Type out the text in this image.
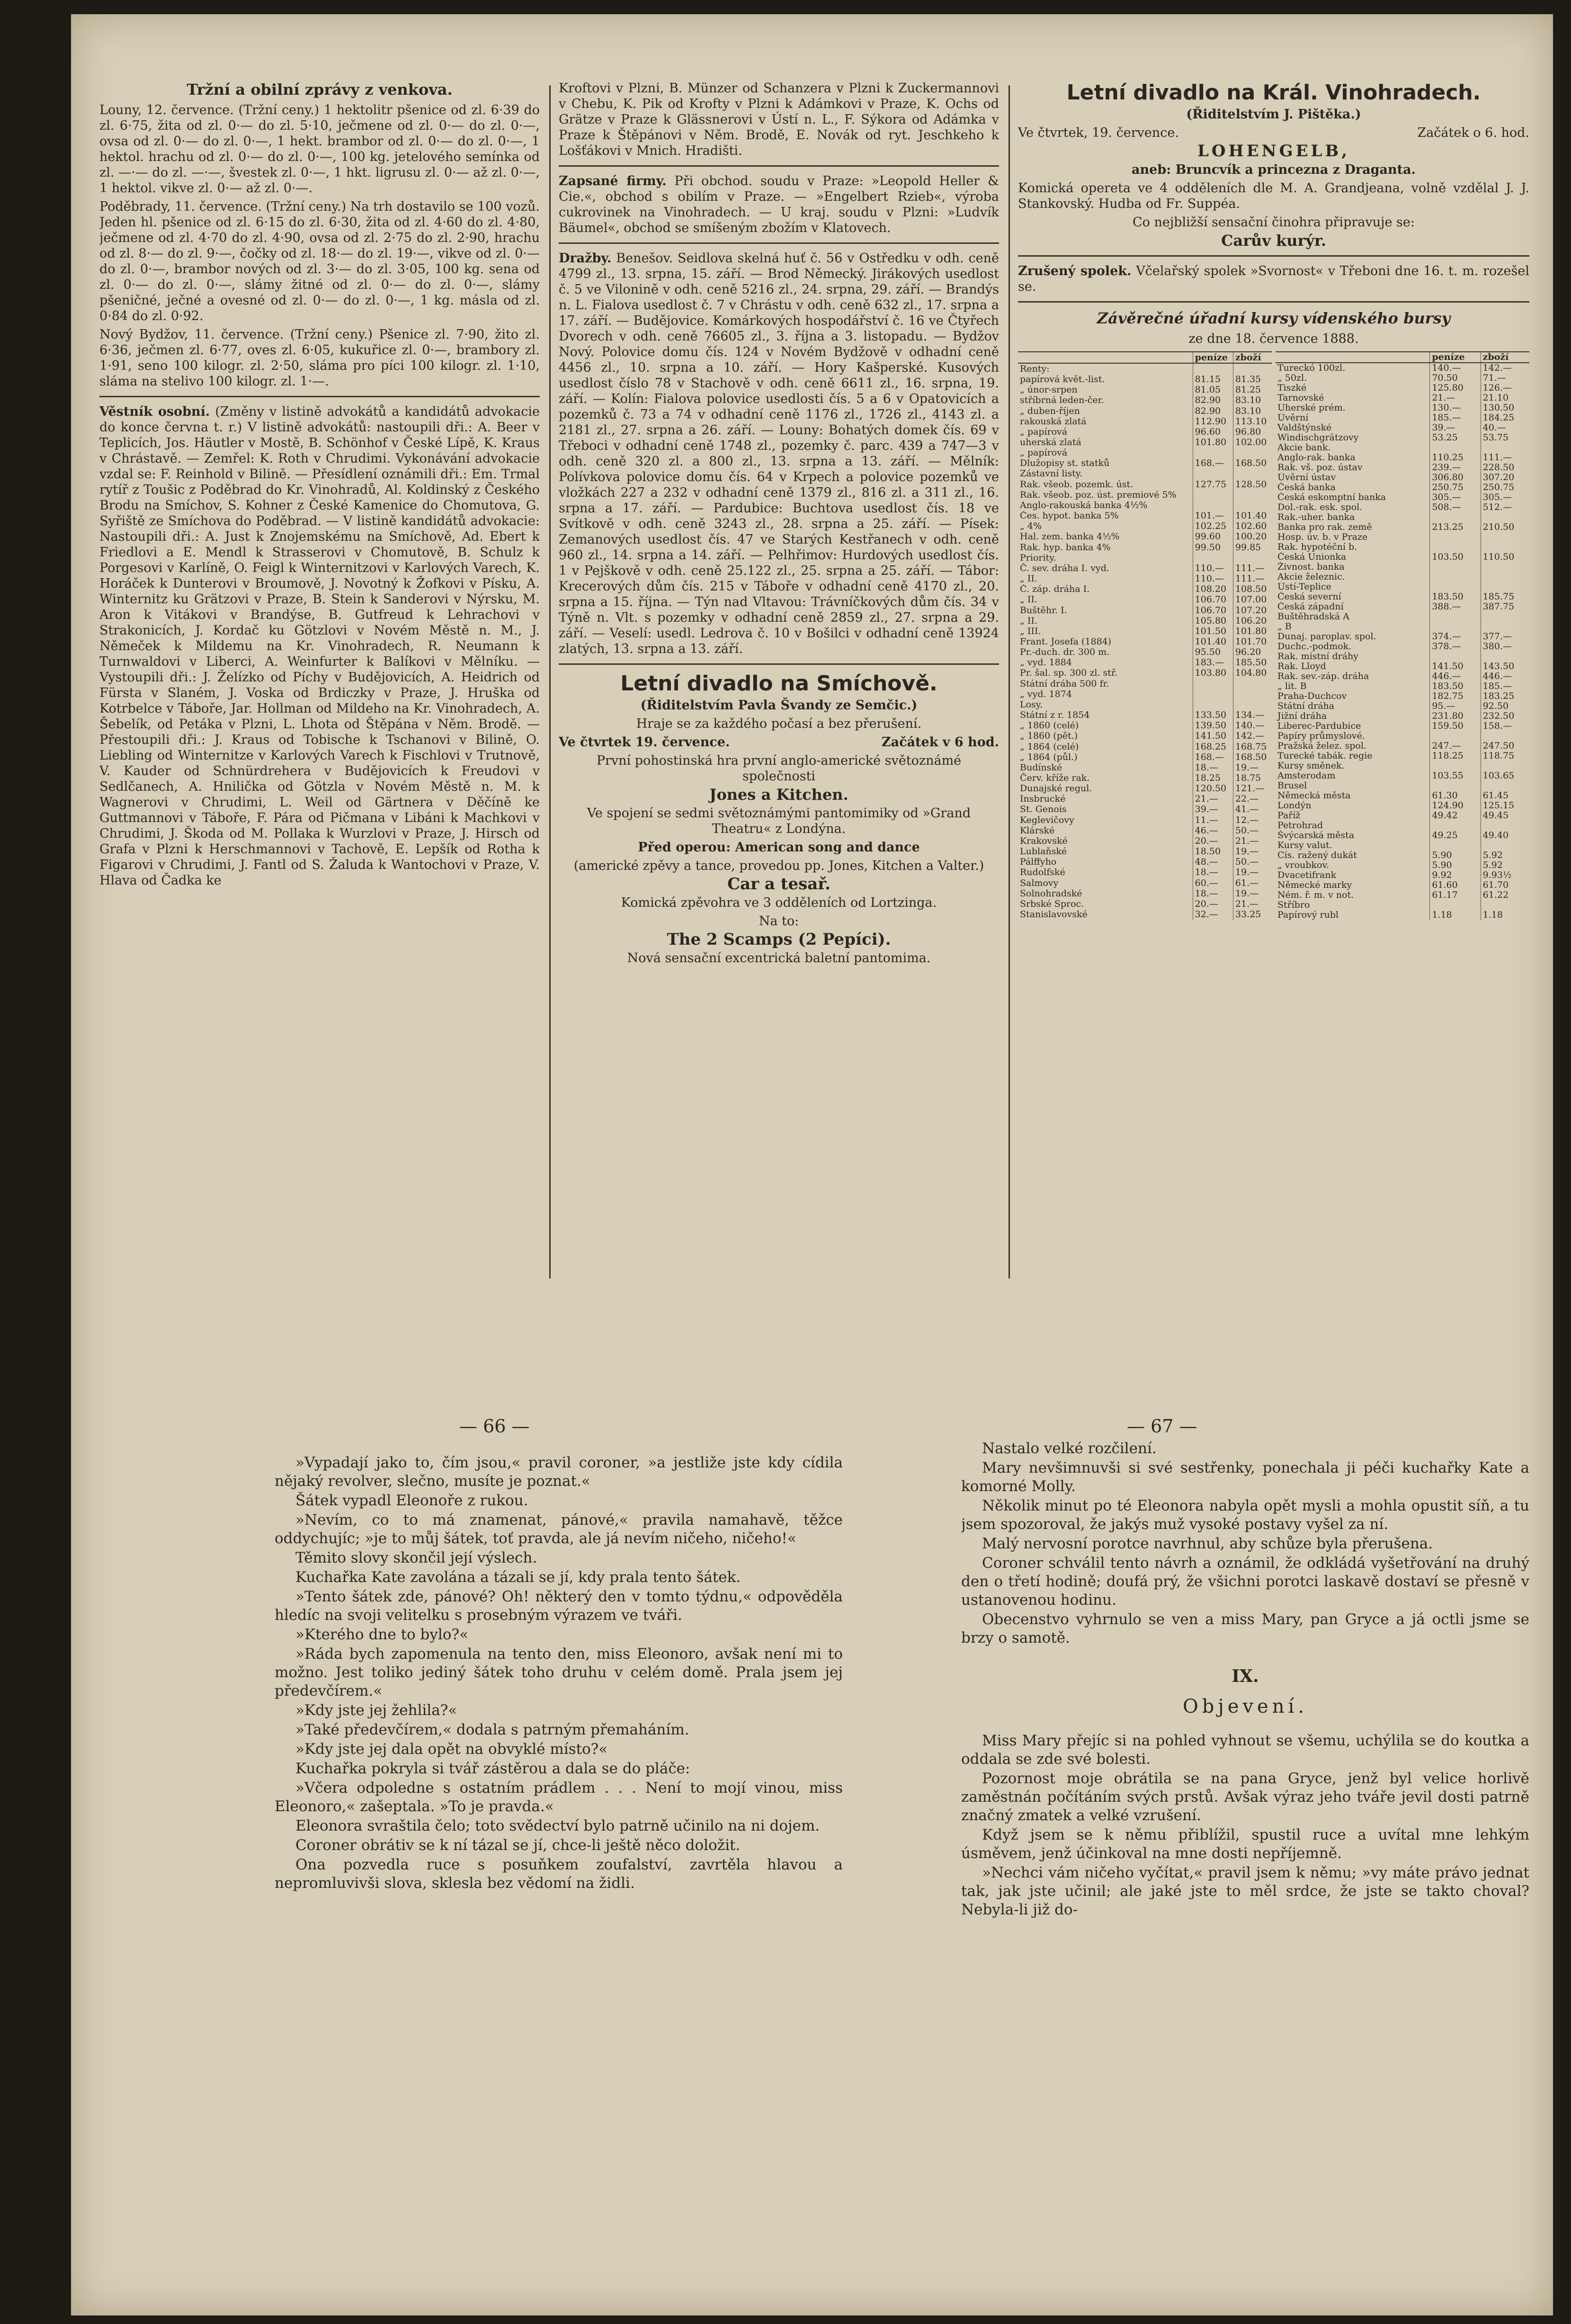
Tržní a obilní zprávy z venkova.

Louny, 12. července. (Tržní ceny.) 1 hektolitr pšenice od zl. 6·39 do zl. 6·75, žita od zl. 0·— do zl. 5·10, ječmene od zl. 0·— do zl. 0·—, ovsa od zl. 0·— do zl. 0·—, 1 hekt. brambor od zl. 0·— do zl. 0·—, 1 hektol. hrachu od zl. 0·— do zl. 0·—, 100 kg. jetelového semínka od zl. —·— do zl. —·—, švestek zl. 0·—, 1 hkt. ligrusu zl. 0·— až zl. 0·—, 1 hektol. vikve zl. 0·— až zl. 0·—.

Poděbrady, 11. července. (Tržní ceny.) Na trh dostavilo se 100 vozů. Jeden hl. pšenice od zl. 6·15 do zl. 6·30, žita od zl. 4·60 do zl. 4·80, ječmene od zl. 4·70 do zl. 4·90, ovsa od zl. 2·75 do zl. 2·90, hrachu od zl. 8·— do zl. 9·—, čočky od zl. 18·— do zl. 19·—, vikve od zl. 0·— do zl. 0·—, brambor nových od zl. 3·— do zl. 3·05, 100 kg. sena od zl. 0·— do zl. 0·—, slámy žitné od zl. 0·— do zl. 0·—, slámy pšeničné, ječné a ovesné od zl. 0·— do zl. 0·—, 1 kg. másla od zl. 0·84 do zl. 0·92.

Nový Bydžov, 11. července. (Tržní ceny.) Pšenice zl. 7·90, žito zl. 6·36, ječmen zl. 6·77, oves zl. 6·05, kukuřice zl. 0·—, brambory zl. 1·91, seno 100 kilogr. zl. 2·50, sláma pro píci 100 kilogr. zl. 1·10, sláma na stelivo 100 kilogr. zl. 1·—.

Věstník osobní. (Změny v listině advokátů a kandidátů advokacie do konce června t. r.) V listině advokátů: nastoupili dři.: A. Beer v Teplicích, Jos. Häutler v Mostě, B. Schönhof v České Lípě, K. Kraus v Chrástavě. — Zemřel: K. Roth v Chrudimi. Vykonávání advokacie vzdal se: F. Reinhold v Bilině. — Přesídlení oznámili dři.: Em. Trmal rytíř z Toušic z Poděbrad do Kr. Vinohradů, Al. Koldinský z Českého Brodu na Smíchov, S. Kohner z České Kamenice do Chomutova, G. Syřiště ze Smíchova do Poděbrad. — V listině kandidátů advokacie: Nastoupili dři.: A. Just k Znojemskému na Smíchově, Ad. Ebert k Friedlovi a E. Mendl k Strasserovi v Chomutově, B. Schulz k Porgesovi v Karlíně, O. Feigl k Winternitzovi v Karlových Varech, K. Horáček k Dunterovi v Broumově, J. Novotný k Žofkovi v Písku, A. Winternitz ku Grätzovi v Praze, B. Stein k Sanderovi v Nýrsku, M. Aron k Vitákovi v Brandýse, B. Gutfreud k Lehrachovi v Strakonicích, J. Kordač ku Götzlovi v Novém Městě n. M., J. Němeček k Mildemu na Kr. Vinohradech, R. Neumann k Turnwaldovi v Liberci, A. Weinfurter k Balíkovi v Mělníku. — Vystoupili dři.: J. Želízko od Píchy v Budějovicích, A. Heidrich od Fürsta v Slaném, J. Voska od Brdiczky v Praze, J. Hruška od Kotrbelce v Táboře, Jar. Hollman od Mildeho na Kr. Vinohradech, A. Šebelík, od Petáka v Plzni, L. Lhota od Štěpána v Něm. Brodě. — Přestoupili dři.: J. Kraus od Tobische k Tschanovi v Bilině, O. Liebling od Winternitze v Karlových Varech k Fischlovi v Trutnově, V. Kauder od Schnürdrehera v Budějovicích k Freudovi v Sedlčanech, A. Hnilička od Götzla v Novém Městě n. M. k Wagnerovi v Chrudimi, L. Weil od Gärtnera v Děčíně ke Guttmannovi v Táboře, F. Pára od Pičmana v Libáni k Machkovi v Chrudimi, J. Škoda od M. Pollaka k Wurzlovi v Praze, J. Hirsch od Grafa v Plzni k Herschmannovi v Tachově, E. Lepšík od Rotha k Figarovi v Chrudimi, J. Fantl od S. Žaluda k Wantochovi v Praze, V. Hlava od Čadka ke

Kroftovi v Plzni, B. Münzer od Schanzera v Plzni k Zuckermannovi v Chebu, K. Pik od Krofty v Plzni k Adámkovi v Praze, K. Ochs od Grätze v Praze k Glässnerovi v Ústí n. L., F. Sýkora od Adámka v Praze k Štěpánovi v Něm. Brodě, E. Novák od ryt. Jeschkeho k Lošťákovi v Mnich. Hradišti.

Zapsané firmy. Při obchod. soudu v Praze: »Leopold Heller & Cie.«, obchod s obilím v Praze. — »Engelbert Rzieb«, výroba cukrovinek na Vinohradech. — U kraj. soudu v Plzni: »Ludvík Bäumel«, obchod se smíšeným zbožím v Klatovech.

Dražby. Benešov. Seidlova skelná huť č. 56 v Ostředku v odh. ceně 4799 zl., 13. srpna, 15. září. — Brod Německý. Jirákových usedlost č. 5 ve Vilonině v odh. ceně 5216 zl., 24. srpna, 29. září. — Brandýs n. L. Fialova usedlost č. 7 v Chrástu v odh. ceně 632 zl., 17. srpna a 17. září. — Budějovice. Komárkových hospodářství č. 16 ve Čtyřech Dvorech v odh. ceně 76605 zl., 3. října a 3. listopadu. — Bydžov Nový. Polovice domu čís. 124 v Novém Bydžově v odhadní ceně 4456 zl., 10. srpna a 10. září. — Hory Kašperské. Kusových usedlost číslo 78 v Stachově v odh. ceně 6611 zl., 16. srpna, 19. září. — Kolín: Fialova polovice usedlosti čís. 5 a 6 v Opatovicích a pozemků č. 73 a 74 v odhadní ceně 1176 zl., 1726 zl., 4143 zl. a 2181 zl., 27. srpna a 26. září. — Louny: Bohatých domek čís. 69 v Třeboci v odhadní ceně 1748 zl., pozemky č. parc. 439 a 747—3 v odh. ceně 320 zl. a 800 zl., 13. srpna a 13. září. — Mělník: Polívkova polovice domu čís. 64 v Krpech a polovice pozemků ve vložkách 227 a 232 v odhadní ceně 1379 zl., 816 zl. a 311 zl., 16. srpna a 17. září. — Pardubice: Buchtova usedlost čís. 18 ve Svítkově v odh. ceně 3243 zl., 28. srpna a 25. září. — Písek: Zemanových usedlost čís. 47 ve Starých Kestřanech v odh. ceně 960 zl., 14. srpna a 14. září. — Pelhřimov: Hurdových usedlost čís. 1 v Pejškově v odh. ceně 25.122 zl., 25. srpna a 25. září. — Tábor: Krecerových dům čís. 215 v Táboře v odhadní ceně 4170 zl., 20. srpna a 15. října. — Týn nad Vltavou: Trávníčkových dům čís. 34 v Týně n. Vlt. s pozemky v odhadní ceně 2859 zl., 27. srpna a 29. září. — Veselí: usedl. Ledrova č. 10 v Bošilci v odhadní ceně 13924 zlatých, 13. srpna a 13. září.

Letní divadlo na Smíchově.

(Řiditelstvím Pavla Švandy ze Semčic.)

Hraje se za každého počasí a bez přerušení.

Ve čtvrtek 19. července.	Začátek v 6 hod.

První pohostinská hra první anglo-americké světoznámé společnosti

Jones a Kitchen.

Ve spojení se sedmi světoznámými pantomimiky od »Grand Theatru« z Londýna.

Před operou: American song and dance

(americké zpěvy a tance, provedou pp. Jones, Kitchen a Valter.)

Car a tesař.

Komická zpěvohra ve 3 odděleních od Lortzinga.

Na to:

The 2 Scamps (2 Pepíci).

Nová sensační excentrická baletní pantomima.

Letní divadlo na Král. Vinohradech.

(Řiditelstvím J. Pištěka.)

Ve čtvrtek, 19. července.	Začátek o 6. hod.

LOHENGELB,

aneb: Bruncvík a princezna z Draganta.

Komická opereta ve 4 odděleních dle M. A. Grandjeana, volně vzdělal J. J. Stankovský. Hudba od Fr. Suppéa.

Co nejbližší sensační činohra připravuje se:

Carův kurýr.

Zrušený spolek. Včelařský spolek »Svornost« v Třeboni dne 16. t. m. rozešel se.

Závěrečné úřadní kursy vídenského bursy

ze dne 18. července 1888.

	peníze	zboží
Renty:		
papírová květ.-list.	81.15	81.35
„ únor-srpen	81.05	81.25
stříbrná leden-čer.	82.90	83.10
„ duben-říjen	82.90	83.10
rakouská zlatá	112.90	113.10
„ papírová	96.60	96.80
uherská zlatá	101.80	102.00
„ papírová		
Dlužopisy st. statků	168.—	168.50
Zástavní listy.		
Rak. všeob. pozemk. úst.	127.75	128.50
Rak. všeob. poz. úst. premiové 5%		
Anglo-rakouská banka 4½%		
Čes. hypot. banka 5%	101.—	101.40
„ 4%	102.25	102.60
Hal. zem. banka 4½%	99.60	100.20
Rak. hyp. banka 4%	99.50	99.85
Priority.		
Č. sev. dráha I. vyd.	110.—	111.—
„ II.	110.—	111.—
Č. záp. dráha I.	108.20	108.50
„ II.	106.70	107.00
Buštěhr. I.	106.70	107.20
„ II.	105.80	106.20
„ III.	101.50	101.80
Frant. Josefa (1884)	101.40	101.70
Pr.-duch. dr. 300 m.	95.50	96.20
„ vyd. 1884	183.—	185.50
Pr. šal. sp. 300 zl. stř.	103.80	104.80
Státní dráha 500 fr.		
„ vyd. 1874		
Losy.		
Státní z r. 1854	133.50	134.—
„ 1860 (celé)	139.50	140.—
„ 1860 (pět.)	141.50	142.—
„ 1864 (celé)	168.25	168.75
„ 1864 (půl.)	168.—	168.50
Budínské	18.—	19.—
Červ. kříže rak.	18.25	18.75
Dunajské regul.	120.50	121.—
Insbrucké	21.—	22.—
St. Genois	39.—	41.—
Keglevičovy	11.—	12.—
Klárské	46.—	50.—
Krakovské	20.—	21.—
Lublaňské	18.50	19.—
Pálffyho	48.—	50.—
Rudolfské	18.—	19.—
Salmovy	60.—	61.—
Solnohradské	18.—	19.—
Srbské Sproc.	20.—	21.—
Stanislavovské	32.—	33.25
	peníze	zboží
Tureckó 100zl.	140.—	142.—
„ 50zl.	70.50	71.—
Tiszké	125.80	126.—
Tarnovské	21.—	21.10
Uherské prém.	130.—	130.50
Úvěrní	185.—	184.25
Valdštýnské	39.—	40.—
Windischgrätzovy	53.25	53.75
Akcie bank.		
Anglo-rak. banka	110.25	111.—
Rak. vš. poz. ústav	239.—	228.50
Úvěrní ústav	306.80	307.20
Česká banka	250.75	250.75
Česká eskomptní banka	305.—	305.—
Dol.-rak. esk. spol.	508.—	512.—
Rak.-uher. banka		
Banka pro rak. země	213.25	210.50
Hosp. úv. b. v Praze		
Rak. hypotéční b.		
Česká Unionka	103.50	110.50
Živnost. banka		
Akcie železnic.		
Ústí-Teplice		
Česká severní	183.50	185.75
Česká západní	388.—	387.75
Buštěhradská A		
„ B		
Dunaj. paroplav. spol.	374.—	377.—
Duchc.-podmok.	378.—	380.—
Rak. místní dráhy		
Rak. Lloyd	141.50	143.50
Rak. sev.-záp. dráha	446.—	446.—
„ lit. B	183.50	185.—
Praha-Duchcov	182.75	183.25
Státní dráha	95.—	92.50
Jižní dráha	231.80	232.50
Liberec-Pardubice	159.50	158.—
Papíry průmyslové.		
Pražská želez. spol.	247.—	247.50
Turecké tabák. regie	118.25	118.75
Kursy směnek.		
Amsterodam	103.55	103.65
Brusel		
Německá města	61.30	61.45
Londýn	124.90	125.15
Paříž	49.42	49.45
Petrohrad		
Švýcarská města	49.25	49.40
Kursy valut.		
Cís. ražený dukát	5.90	5.92
„ vroubkov.	5.90	5.92
Dvacetifrank	9.92	9.93½
Německé marky	61.60	61.70
Ném. ř. m. v not.	61.17	61.22
Stříbro		
Papírový rubl	1.18	1.18
— 66 —	— 67 —

»Vypadají jako to, čím jsou,« pravil coroner, »a jestliže jste kdy cídila nějaký revolver, slečno, musíte je poznat.«

Šátek vypadl Eleonoře z rukou.

»Nevím, co to má znamenat, pánové,« pravila namahavě, těžce oddychujíc; »je to můj šátek, toť pravda, ale já nevím ničeho, ničeho!«

Těmito slovy skončil její výslech.

Kuchařka Kate zavolána a tázali se jí, kdy prala tento šátek.

»Tento šátek zde, pánové? Oh! některý den v tomto týdnu,« odpověděla hledíc na svoji velitelku s prosebným výrazem ve tváři.

»Kterého dne to bylo?«

»Ráda bych zapomenula na tento den, miss Eleonoro, avšak není mi to možno. Jest toliko jediný šátek toho druhu v celém domě. Prala jsem jej předevčírem.«

»Kdy jste jej žehlila?«

»Také předevčírem,« dodala s patrným přemaháním.

»Kdy jste jej dala opět na obvyklé místo?«

Kuchařka pokryla si tvář zástěrou a dala se do pláče:

»Včera odpoledne s ostatním prádlem . . . Není to mojí vinou, miss Eleonoro,« zašeptala. »To je pravda.«

Eleonora svraštila čelo; toto svědectví bylo patrně učinilo na ni dojem.

Coroner obrátiv se k ní tázal se jí, chce-li ještě něco doložit.

Ona pozvedla ruce s posuňkem zoufalství, zavrtěla hlavou a nepromluvivši slova, sklesla bez vědomí na židli.

Nastalo velké rozčilení.

Mary nevšimnuvši si své sestřenky, ponechala ji péči kuchařky Kate a komorné Molly.

Několik minut po té Eleonora nabyla opět mysli a mohla opustit síň, a tu jsem spozoroval, že jakýs muž vysoké postavy vyšel za ní.

Malý nervosní porotce navrhnul, aby schůze byla přerušena.

Coroner schválil tento návrh a oznámil, že odkládá vyšetřování na druhý den o třetí hodině; doufá prý, že všichni porotci laskavě dostaví se přesně v ustanovenou hodinu.

Obecenstvo vyhrnulo se ven a miss Mary, pan Gryce a já octli jsme se brzy o samotě.

IX.
Objevení.

Miss Mary přejíc si na pohled vyhnout se všemu, uchýlila se do koutka a oddala se zde své bolesti.

Pozornost moje obrátila se na pana Gryce, jenž byl velice horlivě zaměstnán počítáním svých prstů. Avšak výraz jeho tváře jevil dosti patrně značný zmatek a velké vzrušení.

Když jsem se k němu přiblížil, spustil ruce a uvítal mne lehkým úsměvem, jenž účinkoval na mne dosti nepříjemně.

»Nechci vám ničeho vyčítat,« pravil jsem k němu; »vy máte právo jednat tak, jak jste učinil; ale jaké jste to měl srdce, že jste se takto choval? Nebyla-li již do-
